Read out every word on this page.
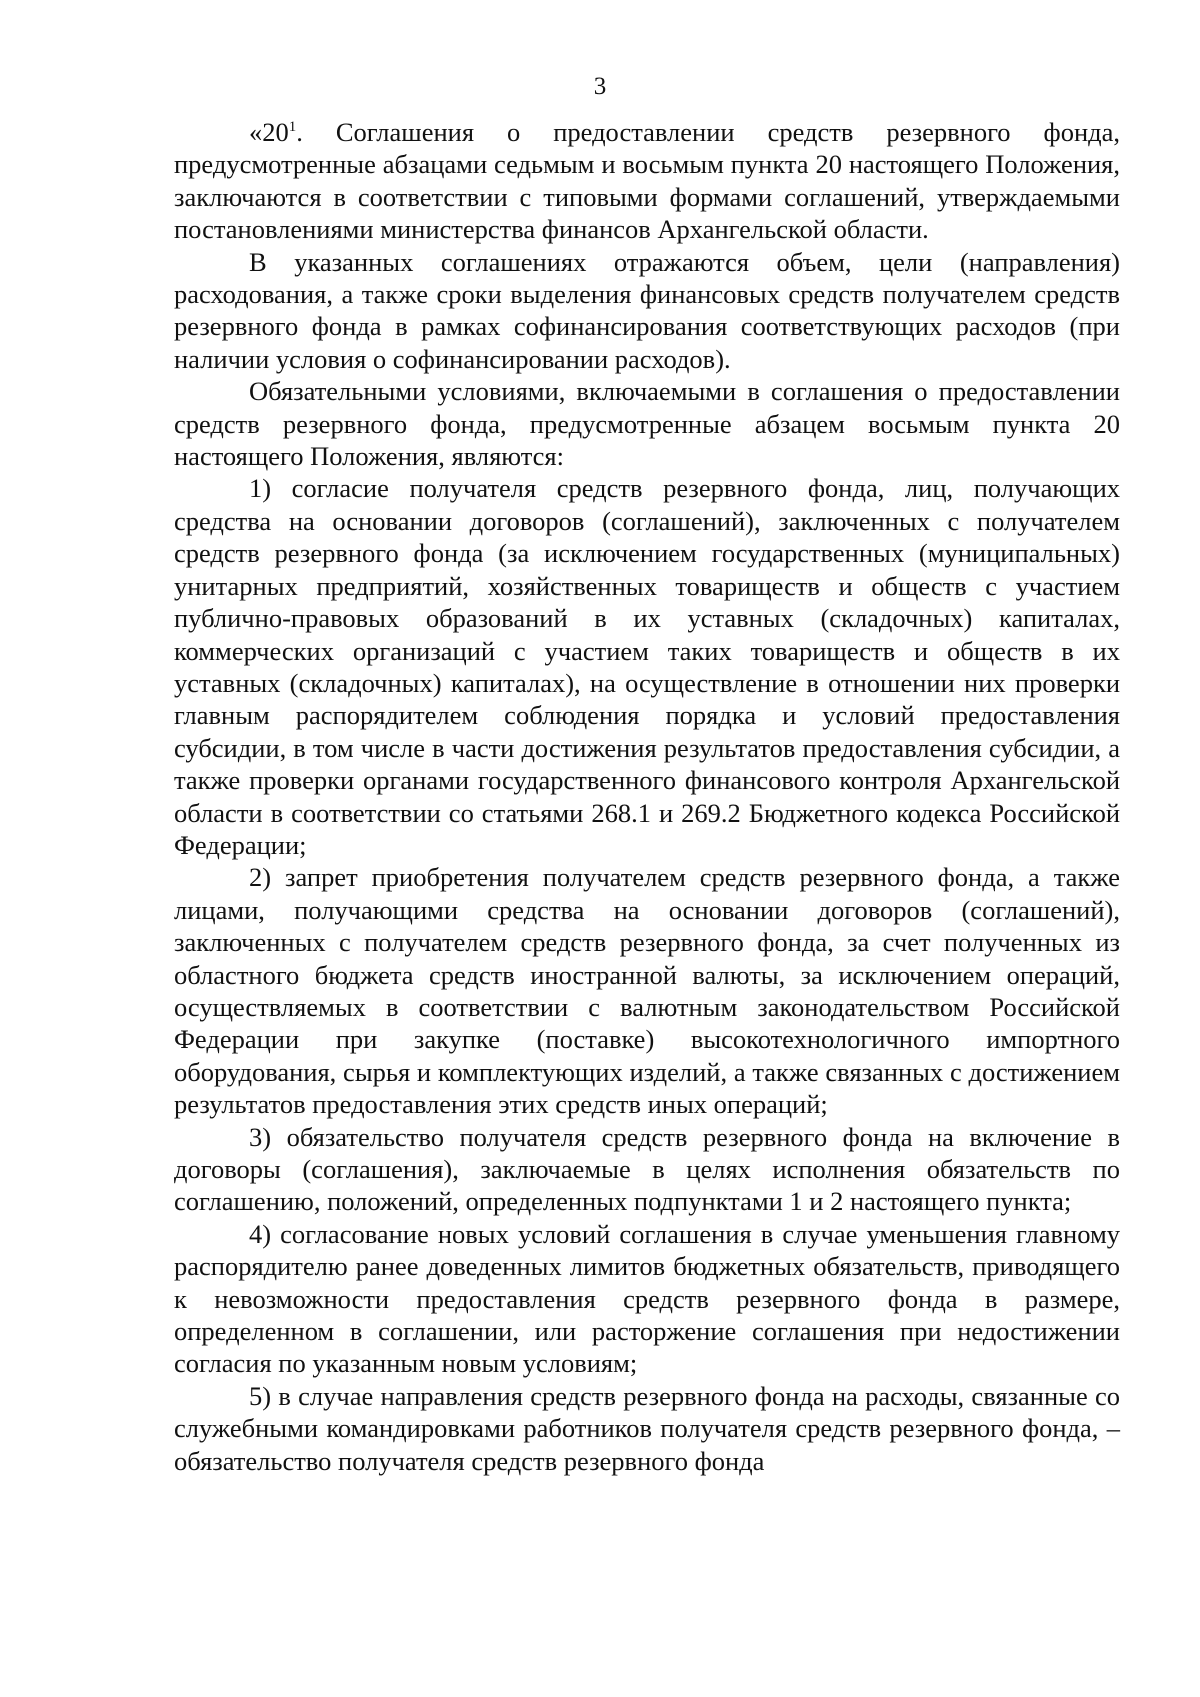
3

«$20^1$. Соглашения о предоставлении средств резервного фонда, предусмотренные абзацами седьмым и восьмым пункта 20 настоящего Положения, заключаются в соответствии с типовыми формами соглашений, утверждаемыми постановлениями министерства финансов Архангельской области.

В указанных соглашениях отражаются объем, цели (направления) расходования, а также сроки выделения финансовых средств получателем средств резервного фонда в рамках софинансирования соответствующих расходов (при наличии условия о софинансировании расходов).

Обязательными условиями, включаемыми в соглашения о предоставлении средств резервного фонда, предусмотренные абзацем восьмым пункта 20 настоящего Положения, являются:

1) согласие получателя средств резервного фонда, лиц, получающих средства на основании договоров (соглашений), заключенных с получателем средств резервного фонда (за исключением государственных (муниципальных) унитарных предприятий, хозяйственных товариществ и обществ с участием публично-правовых образований в их уставных (складочных) капиталах, коммерческих организаций с участием таких товариществ и обществ в их уставных (складочных) капиталах), на осуществление в отношении них проверки главным распорядителем соблюдения порядка и условий предоставления субсидии, в том числе в части достижения результатов предоставления субсидии, а также проверки органами государственного финансового контроля Архангельской области в соответствии со статьями 268.1 и 269.2 Бюджетного кодекса Российской Федерации;

2) запрет приобретения получателем средств резервного фонда, а также лицами, получающими средства на основании договоров (соглашений), заключенных с получателем средств резервного фонда, за счет полученных из областного бюджета средств иностранной валюты, за исключением операций, осуществляемых в соответствии с валютным законодательством Российской Федерации при закупке (поставке) высокотехнологичного импортного оборудования, сырья и комплектующих изделий, а также связанных с достижением результатов предоставления этих средств иных операций;

3) обязательство получателя средств резервного фонда на включение в договоры (соглашения), заключаемые в целях исполнения обязательств по соглашению, положений, определенных подпунктами 1 и 2 настоящего пункта;

4) согласование новых условий соглашения в случае уменьшения главному распорядителю ранее доведенных лимитов бюджетных обязательств, приводящего к невозможности предоставления средств резервного фонда в размере, определенном в соглашении, или расторжение соглашения при недостижении согласия по указанным новым условиям;

5) в случае направления средств резервного фонда на расходы, связанные со служебными командировками работников получателя средств резервного фонда, – обязательство получателя средств резервного фонда
